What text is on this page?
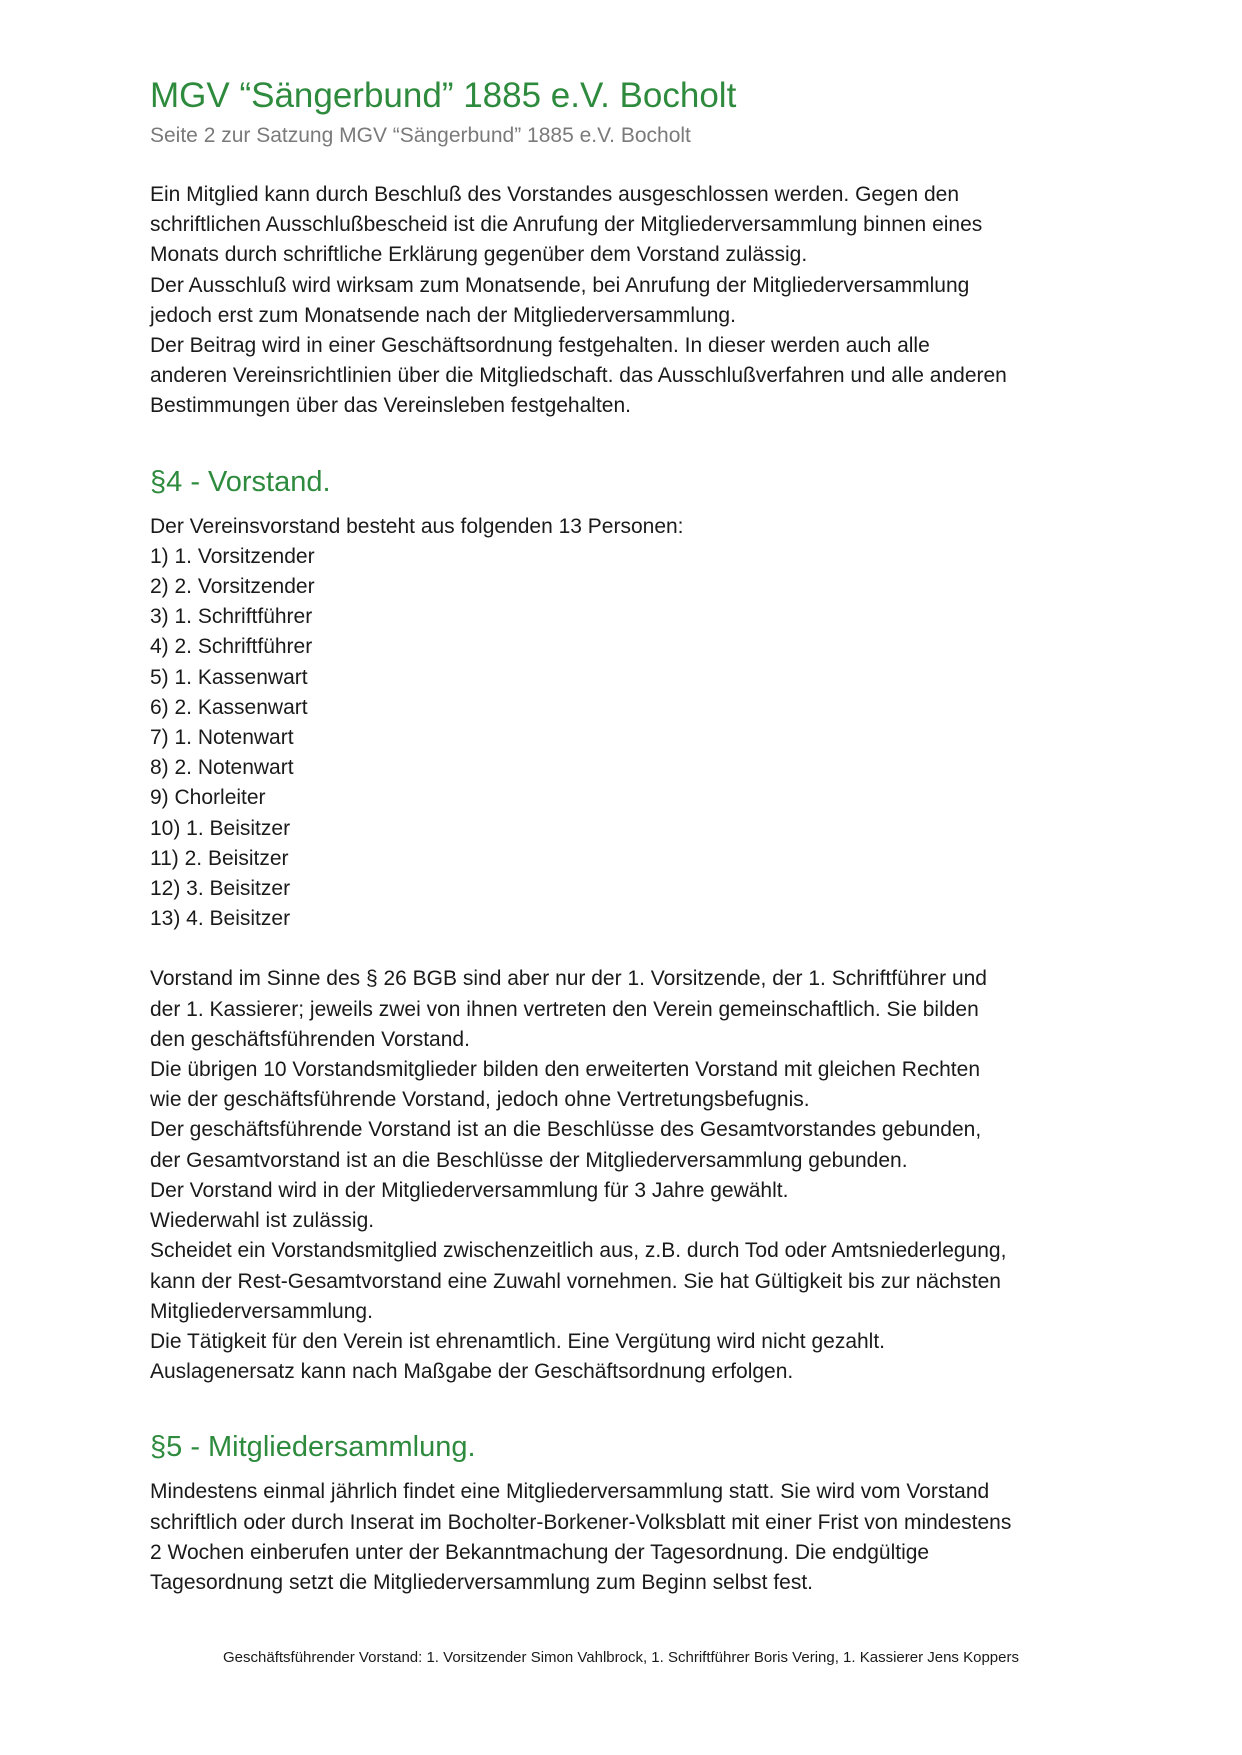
MGV “Sängerbund” 1885 e.V. Bocholt
Seite 2 zur Satzung MGV “Sängerbund” 1885 e.V. Bocholt
Ein Mitglied kann durch Beschluß des Vorstandes ausgeschlossen werden. Gegen den
schriftlichen Ausschlußbescheid ist die Anrufung der Mitgliederversammlung binnen eines
Monats durch schriftliche Erklärung gegenüber dem Vorstand zulässig.
Der Ausschluß wird wirksam zum Monatsende, bei Anrufung der Mitgliederversammlung
jedoch erst zum Monatsende nach der Mitgliederversammlung.
Der Beitrag wird in einer Geschäftsordnung festgehalten. In dieser werden auch alle
anderen Vereinsrichtlinien über die Mitgliedschaft. das Ausschlußverfahren und alle anderen
Bestimmungen über das Vereinsleben festgehalten.
§4 - Vorstand.
Der Vereinsvorstand besteht aus folgenden 13 Personen:
1) 1. Vorsitzender
2) 2. Vorsitzender
3) 1. Schriftführer
4) 2. Schriftführer
5) 1. Kassenwart
6) 2. Kassenwart
7) 1. Notenwart
8) 2. Notenwart
9) Chorleiter
10) 1. Beisitzer
11) 2. Beisitzer
12) 3. Beisitzer
13) 4. Beisitzer
Vorstand im Sinne des § 26 BGB sind aber nur der 1. Vorsitzende, der 1. Schriftführer und
der 1. Kassierer; jeweils zwei von ihnen vertreten den Verein gemeinschaftlich. Sie bilden
den geschäftsführenden Vorstand.
Die übrigen 10 Vorstandsmitglieder bilden den erweiterten Vorstand mit gleichen Rechten
wie der geschäftsführende Vorstand, jedoch ohne Vertretungsbefugnis.
Der geschäftsführende Vorstand ist an die Beschlüsse des Gesamtvorstandes gebunden,
der Gesamtvorstand ist an die Beschlüsse der Mitgliederversammlung gebunden.
Der Vorstand wird in der Mitgliederversammlung für 3 Jahre gewählt.
Wiederwahl ist zulässig.
Scheidet ein Vorstandsmitglied zwischenzeitlich aus, z.B. durch Tod oder Amtsniederlegung,
kann der Rest-Gesamtvorstand eine Zuwahl vornehmen. Sie hat Gültigkeit bis zur nächsten
Mitgliederversammlung.
Die Tätigkeit für den Verein ist ehrenamtlich. Eine Vergütung wird nicht gezahlt.
Auslagenersatz kann nach Maßgabe der Geschäftsordnung erfolgen.
§5 - Mitgliedersammlung.
Mindestens einmal jährlich findet eine Mitgliederversammlung statt. Sie wird vom Vorstand
schriftlich oder durch Inserat im Bocholter-Borkener-Volksblatt mit einer Frist von mindestens
2 Wochen einberufen unter der Bekanntmachung der Tagesordnung. Die endgültige
Tagesordnung setzt die Mitgliederversammlung zum Beginn selbst fest.
Geschäftsführender Vorstand: 1. Vorsitzender Simon Vahlbrock, 1. Schriftführer Boris Vering, 1. Kassierer Jens Koppers
